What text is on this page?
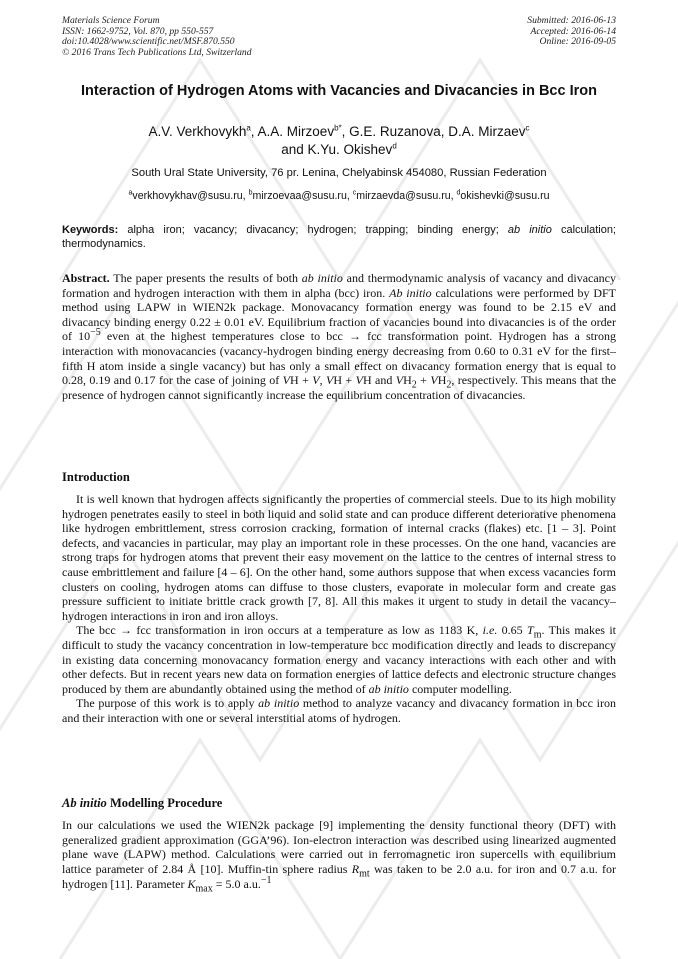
Materials Science Forum
ISSN: 1662-9752, Vol. 870, pp 550-557
doi:10.4028/www.scientific.net/MSF.870.550
© 2016 Trans Tech Publications Ltd, Switzerland
Submitted: 2016-06-13
Accepted: 2016-06-14
Online: 2016-09-05
Interaction of Hydrogen Atoms with Vacancies and Divacancies in Bcc Iron
A.V. Verkhovykh$^a$, A.A. Mirzoev$^{b*}$, G.E. Ruzanova, D.A. Mirzaev$^c$
and K.Yu. Okishev$^d$
South Ural State University, 76 pr. Lenina, Chelyabinsk 454080, Russian Federation
$^a$verkhovykhav@susu.ru, $^b$mirzoevaa@susu.ru, $^c$mirzaevda@susu.ru, $^d$okishevki@susu.ru
Keywords: alpha iron; vacancy; divacancy; hydrogen; trapping; binding energy; ab initio calculation; thermodynamics.
Abstract. The paper presents the results of both ab initio and thermodynamic analysis of vacancy and divacancy formation and hydrogen interaction with them in alpha (bcc) iron. Ab initio calculations were performed by DFT method using LAPW in WIEN2k package. Monovacancy formation energy was found to be 2.15 eV and divacancy binding energy 0.22 ± 0.01 eV. Equilibrium fraction of vacancies bound into divacancies is of the order of $10^{-5}$ even at the highest temperatures close to bcc → fcc transformation point. Hydrogen has a strong interaction with monovacancies (vacancy-hydrogen binding energy decreasing from 0.60 to 0.31 eV for the first–fifth H atom inside a single vacancy) but has only a small effect on divacancy formation energy that is equal to 0.28, 0.19 and 0.17 for the case of joining of VH + V, VH + VH and $VH_2 + VH_2$, respectively. This means that the presence of hydrogen cannot significantly increase the equilibrium concentration of divacancies.
Introduction

It is well known that hydrogen affects significantly the properties of commercial steels. Due to its high mobility hydrogen penetrates easily to steel in both liquid and solid state and can produce different deteriorative phenomena like hydrogen embrittlement, stress corrosion cracking, formation of internal cracks (flakes) etc. [1 – 3]. Point defects, and vacancies in particular, may play an important role in these processes. On the one hand, vacancies are strong traps for hydrogen atoms that prevent their easy movement on the lattice to the centres of internal stress to cause embrittlement and failure [4 – 6]. On the other hand, some authors suppose that when excess vacancies form clusters on cooling, hydrogen atoms can diffuse to those clusters, evaporate in molecular form and create gas pressure sufficient to initiate brittle crack growth [7, 8]. All this makes it urgent to study in detail the vacancy–hydrogen interactions in iron and iron alloys.

The bcc → fcc transformation in iron occurs at a temperature as low as 1183 K, i.e. 0.65 $T_m$. This makes it difficult to study the vacancy concentration in low-temperature bcc modification directly and leads to discrepancy in existing data concerning monovacancy formation energy and vacancy interactions with each other and with other defects. But in recent years new data on formation energies of lattice defects and electronic structure changes produced by them are abundantly obtained using the method of ab initio computer modelling.

The purpose of this work is to apply ab initio method to analyze vacancy and divacancy formation in bcc iron and their interaction with one or several interstitial atoms of hydrogen.

Ab initio Modelling Procedure
In our calculations we used the WIEN2k package [9] implementing the density functional theory (DFT) with generalized gradient approximation (GGA’96). Ion-electron interaction was described using linearized augmented plane wave (LAPW) method. Calculations were carried out in ferromagnetic iron supercells with equilibrium lattice parameter of 2.84 Å [10]. Muffin-tin sphere radius $R_{mt}$ was taken to be 2.0 a.u. for iron and 0.7 a.u. for hydrogen [11]. Parameter $K_{max} = 5.0$ a.u.$^{-1}$
